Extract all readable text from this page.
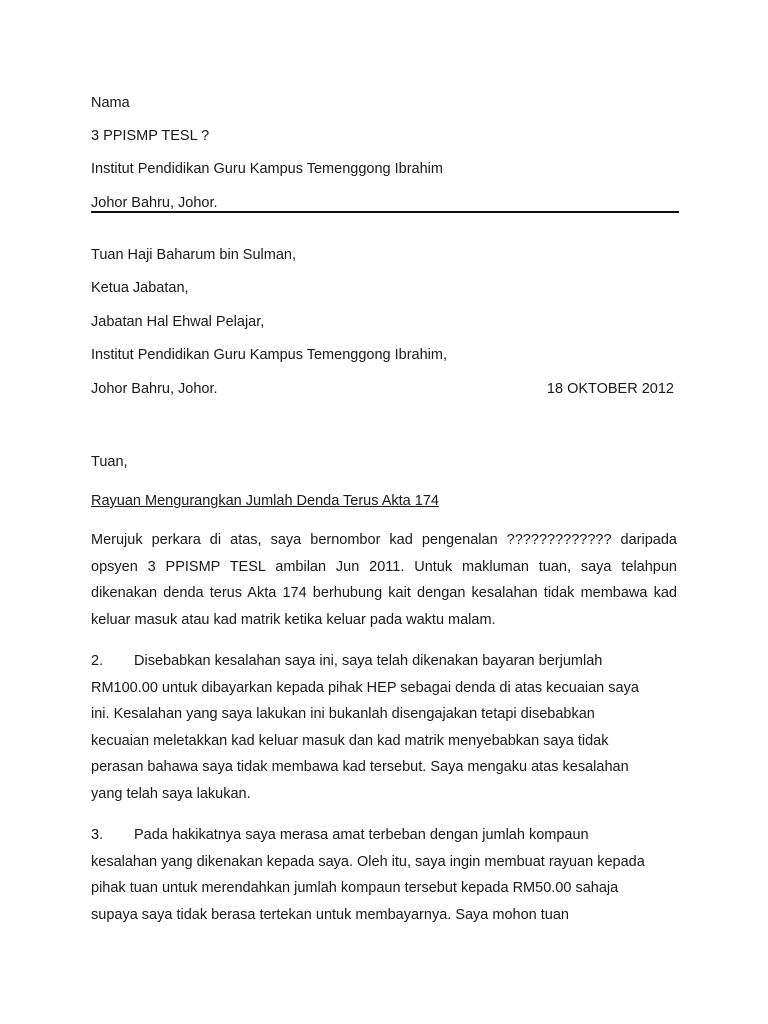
Nama
3 PPISMP TESL ?
Institut Pendidikan Guru Kampus Temenggong Ibrahim
Johor Bahru, Johor.
Tuan Haji Baharum bin Sulman,
Ketua Jabatan,
Jabatan Hal Ehwal Pelajar,
Institut Pendidikan Guru Kampus Temenggong Ibrahim,
Johor Bahru, Johor.	18 OKTOBER 2012
Tuan,
Rayuan Mengurangkan Jumlah Denda Terus Akta 174
Merujuk perkara di atas, saya bernombor kad pengenalan ????????????? daripada
opsyen 3 PPISMP TESL ambilan Jun 2011. Untuk makluman tuan, saya telahpun
dikenakan denda terus Akta 174 berhubung kait dengan kesalahan tidak membawa kad
keluar masuk atau kad matrik ketika keluar pada waktu malam.
2. Disebabkan kesalahan saya ini, saya telah dikenakan bayaran berjumlah
RM100.00 untuk dibayarkan kepada pihak HEP sebagai denda di atas kecuaian saya
ini. Kesalahan yang saya lakukan ini bukanlah disengajakan tetapi disebabkan
kecuaian meletakkan kad keluar masuk dan kad matrik menyebabkan saya tidak
perasan bahawa saya tidak membawa kad tersebut. Saya mengaku atas kesalahan
yang telah saya lakukan.
3. Pada hakikatnya saya merasa amat terbeban dengan jumlah kompaun
kesalahan yang dikenakan kepada saya. Oleh itu, saya ingin membuat rayuan kepada
pihak tuan untuk merendahkan jumlah kompaun tersebut kepada RM50.00 sahaja
supaya saya tidak berasa tertekan untuk membayarnya. Saya mohon tuan
